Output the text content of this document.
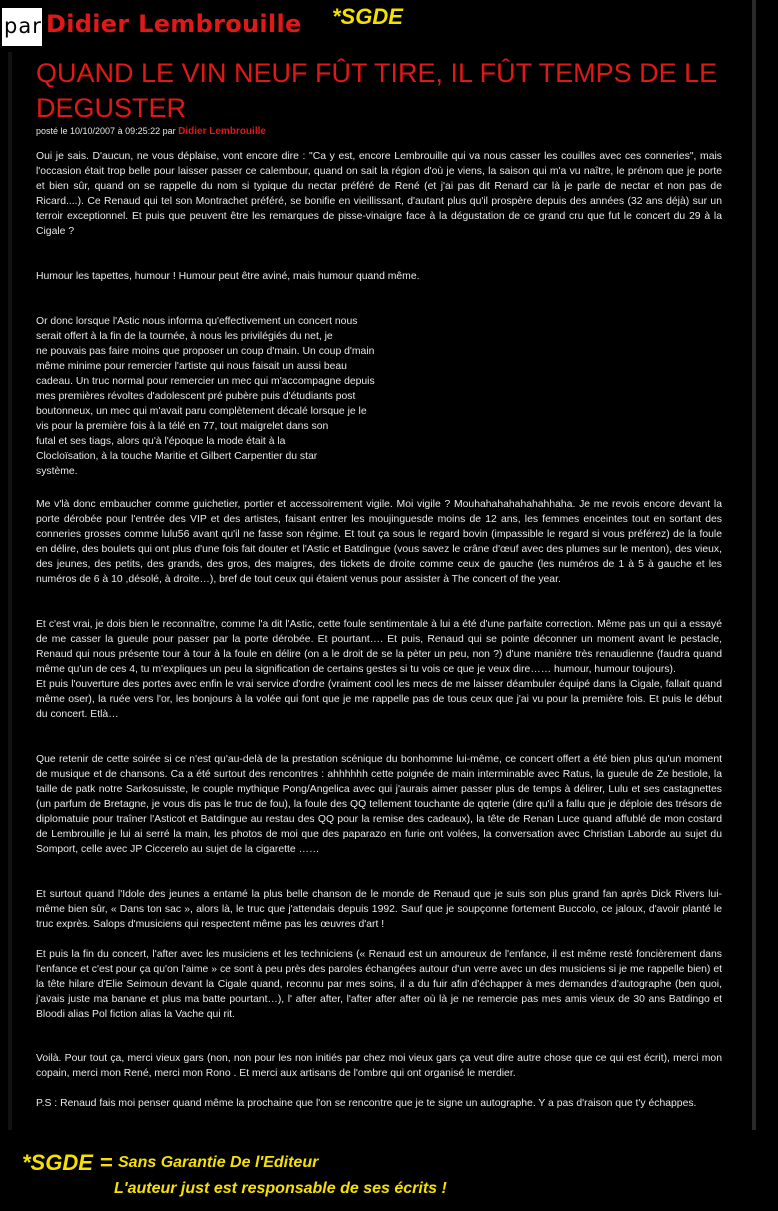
par Didier Lembrouille *SGDE
QUAND LE VIN NEUF FÛT TIRE, IL FÛT TEMPS DE LE DEGUSTER
posté le 10/10/2007 à 09:25:22 par Didier Lembrouille

Oui je sais. D'aucun, ne vous déplaise, vont encore dire : "Ca y est, encore Lembrouille qui va nous casser les couilles avec ces conneries", mais l'occasion était trop belle pour laisser passer ce calembour, quand on sait la région d'où je viens, la saison qui m'a vu naître, le prénom que je porte et bien sûr, quand on se rappelle du nom si typique du nectar préféré de René (et j'ai pas dit Renard car là je parle de nectar et non pas de Ricard....). Ce Renaud qui tel son Montrachet préféré, se bonifie en vieillissant, d'autant plus qu'il prospère depuis des années (32 ans déjà) sur un terroir exceptionnel. Et puis que peuvent être les remarques de pisse-vinaigre face à la dégustation de ce grand cru que fut le concert du 29 à la Cigale ?

Humour les tapettes, humour ! Humour peut être aviné, mais humour quand même.

Or donc lorsque l'Astic nous informa qu'effectivement un concert nous
serait offert à la fin de la tournée, à nous les privilégiés du net, je
ne pouvais pas faire moins que proposer un coup d'main. Un coup d'main
même minime pour remercier l'artiste qui nous faisait un aussi beau
cadeau. Un truc normal pour remercier un mec qui m'accompagne depuis
mes premières révoltes d'adolescent pré pubère puis d'étudiants post
boutonneux, un mec qui m'avait paru complètement décalé lorsque je le
vis pour la première fois à la télé en 77, tout maigrelet dans son
futal et ses tiags, alors qu'à l'époque la mode était à la
Clocloïsation, à la touche Maritie et Gilbert Carpentier du star
système.

Me v'là donc embaucher comme guichetier, portier et accessoirement vigile. Moi vigile ? Mouhahahahahahahhaha. Je me revois encore devant la porte dérobée pour l'entrée des VIP et des artistes, faisant entrer les moujinguesde moins de 12 ans, les femmes enceintes tout en sortant des conneries grosses comme lulu56 avant qu'il ne fasse son régime. Et tout ça sous le regard bovin (impassible le regard si vous préférez) de la foule en délire, des boulets qui ont plus d'une fois fait douter et l'Astic et Batdingue (vous savez le crâne d'œuf avec des plumes sur le menton), des vieux, des jeunes, des petits, des grands, des gros, des maigres, des tickets de droite comme ceux de gauche (les numéros de 1 à 5 à gauche et les numéros de 6 à 10 ,désolé, à droite…), bref de tout ceux qui étaient venus pour assister à The concert of the year.

Et c'est vrai, je dois bien le reconnaître, comme l'a dit l'Astic, cette foule sentimentale à lui a été d'une parfaite correction. Même pas un qui a essayé de me casser la gueule pour passer par la porte dérobée. Et pourtant…. Et puis, Renaud qui se pointe déconner un moment avant le pestacle, Renaud qui nous présente tour à tour à la foule en délire (on a le droit de se la pèter un peu, non ?) d'une manière très renaudienne (faudra quand même qu'un de ces 4, tu m'expliques un peu la signification de certains gestes si tu vois ce que je veux dire…… humour, humour toujours).
Et puis l'ouverture des portes avec enfin le vrai service d'ordre (vraiment cool les mecs de me laisser déambuler équipé dans la Cigale, fallait quand même oser), la ruée vers l'or, les bonjours à la volée qui font que je me rappelle pas de tous ceux que j'ai vu pour la première fois. Et puis le début du concert. Etlà…

Que retenir de cette soirée si ce n'est qu'au-delà de la prestation scénique du bonhomme lui-même, ce concert offert a été bien plus qu'un moment de musique et de chansons. Ca a été surtout des rencontres : ahhhhhh cette poignée de main interminable avec Ratus, la gueule de Ze bestiole, la taille de patk notre Sarkosuisste, le couple mythique Pong/Angelica avec qui j'aurais aimer passer plus de temps à délirer, Lulu et ses castagnettes (un parfum de Bretagne, je vous dis pas le truc de fou), la foule des QQ tellement touchante de qqterie (dire qu'il a fallu que je déploie des trésors de diplomatuie pour traîner l'Asticot et Batdingue au restau des QQ pour la remise des cadeaux), la tête de Renan Luce quand affublé de mon costard de Lembrouille je lui ai serré la main, les photos de moi que des paparazo en furie ont volées, la conversation avec Christian Laborde au sujet du Somport, celle avec JP Ciccerelo au sujet de la cigarette ……

Et surtout quand l'Idole des jeunes a entamé la plus belle chanson de le monde de Renaud que je suis son plus grand fan après Dick Rivers lui-même bien sûr, « Dans ton sac », alors là, le truc que j'attendais depuis 1992. Sauf que je soupçonne fortement Buccolo, ce jaloux, d'avoir planté le truc exprès. Salops d'musiciens qui respectent même pas les œuvres d'art !

Et puis la fin du concert, l'after avec les musiciens et les techniciens (« Renaud est un amoureux de l'enfance, il est même resté foncièrement dans l'enfance et c'est pour ça qu'on l'aime » ce sont à peu près des paroles échangées autour d'un verre avec un des musiciens si je me rappelle bien) et la tête hilare d'Elie Seimoun devant la Cigale quand, reconnu par mes soins, il a du fuir afin d'échapper à mes demandes d'autographe (ben quoi, j'avais juste ma banane et plus ma batte pourtant…), l' after after, l'after after after où là je ne remercie pas mes amis vieux de 30 ans Batdingo et Bloodi alias Pol fiction alias la Vache qui rit.

Voilà. Pour tout ça, merci vieux gars (non, non pour les non initiés par chez moi vieux gars ça veut dire autre chose que ce qui est écrit), merci mon copain, merci mon René, merci mon Rono . Et merci aux artisans de l'ombre qui ont organisé le merdier.

P.S : Renaud fais moi penser quand même la prochaine que l'on se rencontre que je te signe un autographe. Y a pas d'raison que t'y échappes.

*SGDE = Sans Garantie De l'Editeur
L'auteur just est responsable de ses écrits !
